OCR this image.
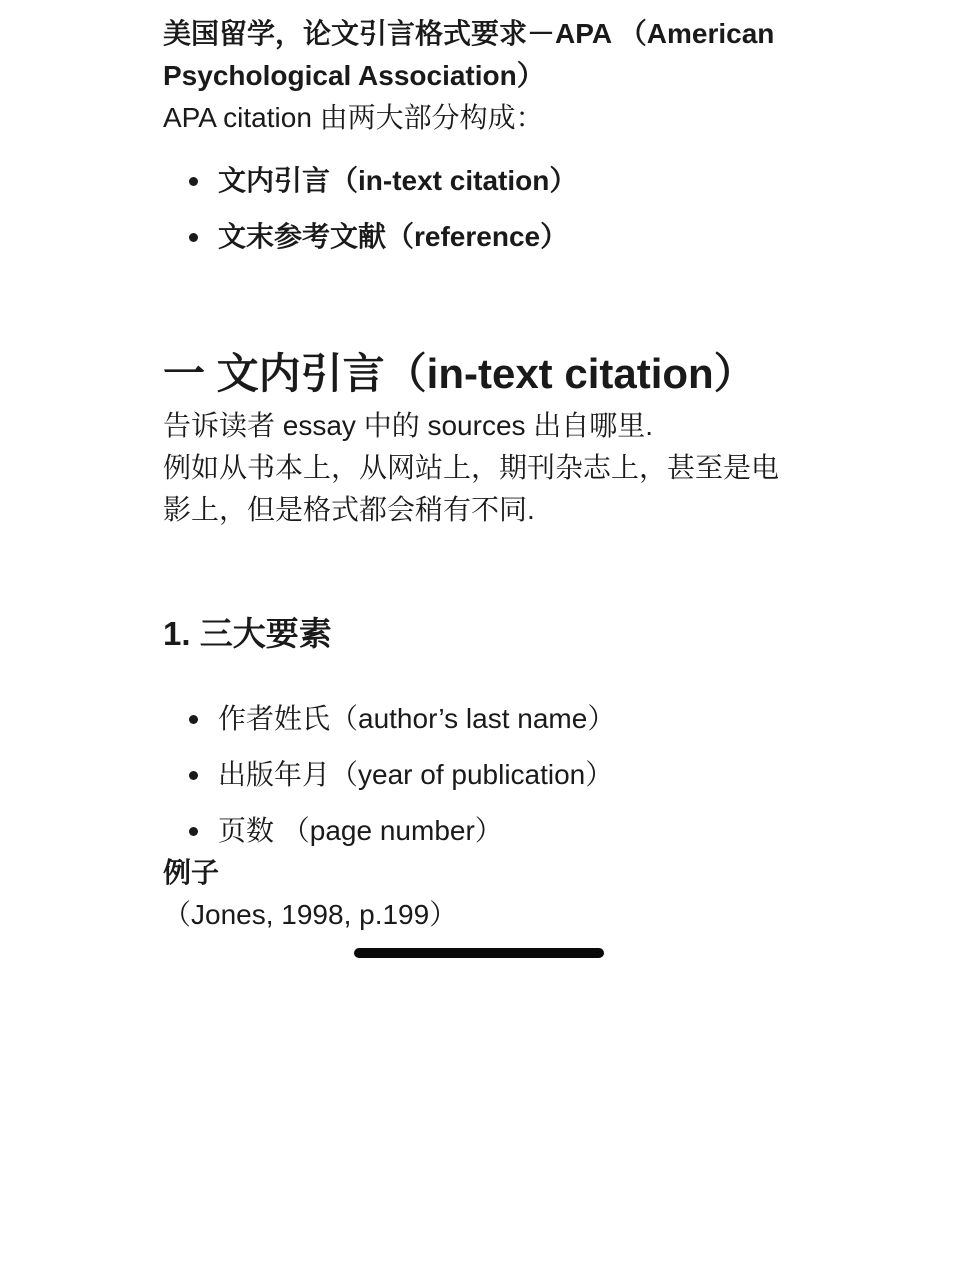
美国留学，论文引言格式要求－APA （American Psychological Association）

APA citation 由两大部分构成：

文内引言（in-text citation）
文末参考文献（reference）
一 文内引言（in-text citation）

告诉读者 essay 中的 sources 出自哪里.

例如从书本上，从网站上，期刊杂志上，甚至是电影上，但是格式都会稍有不同.

1. 三大要素
作者姓氏（author’s last name）
出版年月（year of publication）
页数 （page number）

例子

（Jones, 1998, p.199）
